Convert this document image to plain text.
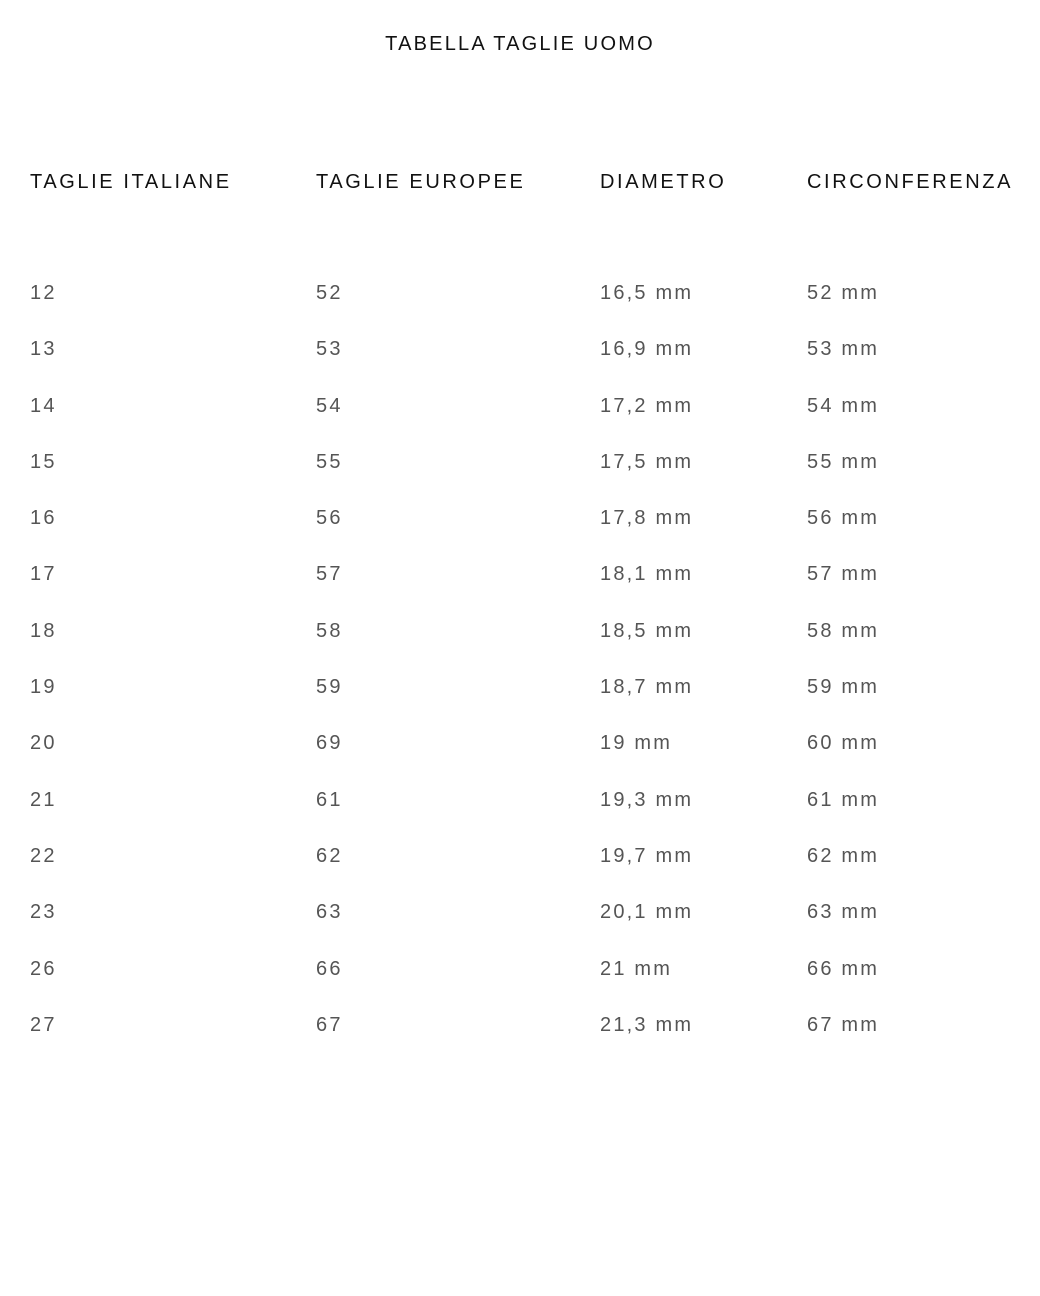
TABELLA TAGLIE UOMO
TAGLIE ITALIANE	TAGLIE EUROPEE	DIAMETRO	CIRCONFERENZA
12	52	16,5 mm	52 mm
13	53	16,9 mm	53 mm
14	54	17,2 mm	54 mm
15	55	17,5 mm	55 mm
16	56	17,8 mm	56 mm
17	57	18,1 mm	57 mm
18	58	18,5 mm	58 mm
19	59	18,7 mm	59 mm
20	69	19 mm	60 mm
21	61	19,3 mm	61 mm
22	62	19,7 mm	62 mm
23	63	20,1 mm	63 mm
26	66	21 mm	66 mm
27	67	21,3 mm	67 mm
